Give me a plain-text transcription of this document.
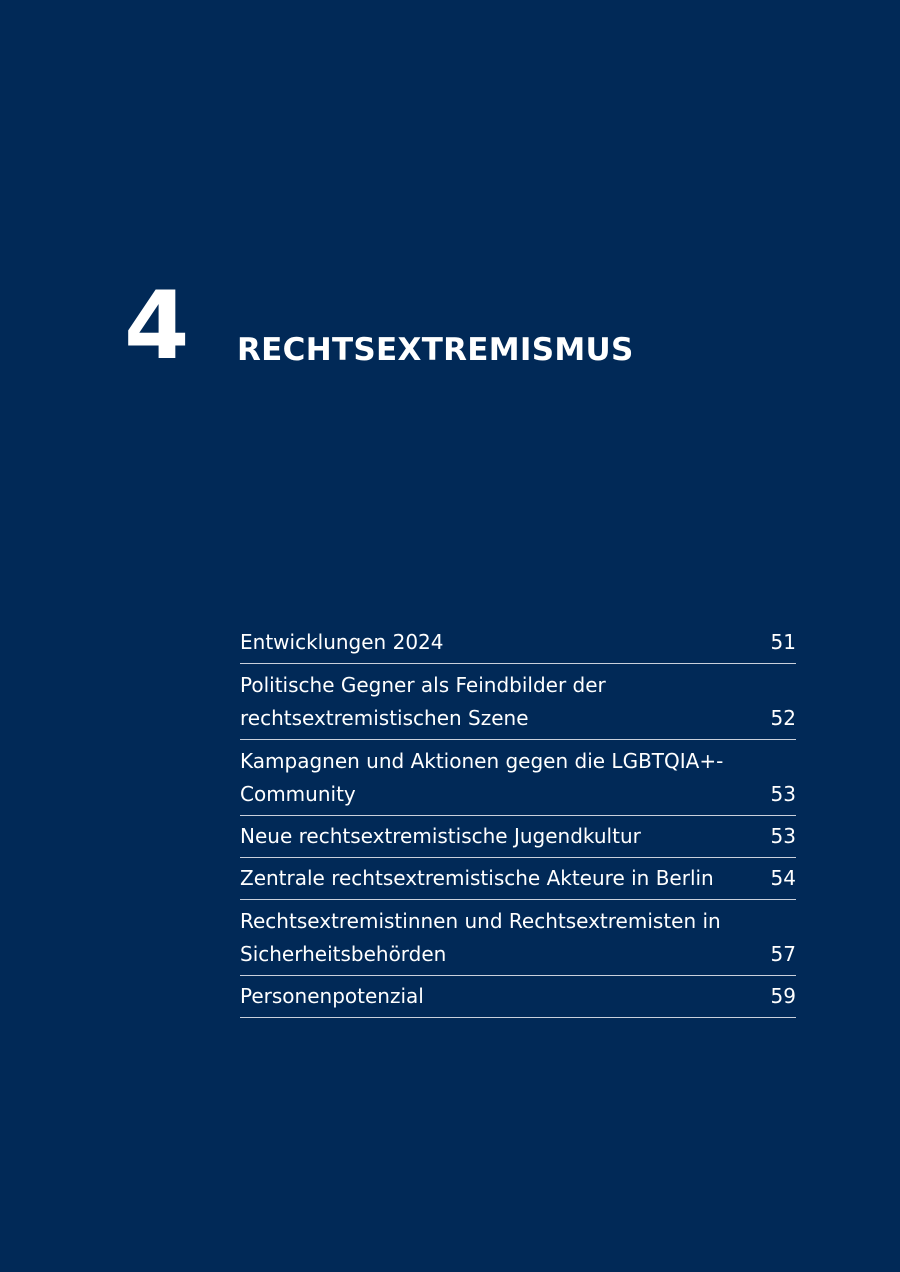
4 RECHTSEXTREMISMUS
Entwicklungen 2024	51
Politische Gegner als Feindbilder der rechtsextremistischen Szene	52
Kampagnen und Aktionen gegen die LGBTQIA+-Community	53
Neue rechtsextremistische Jugendkultur	53
Zentrale rechtsextremistische Akteure in Berlin	54
Rechtsextremistinnen und Rechtsextremisten in Sicherheitsbehörden	57
Personenpotenzial	59
